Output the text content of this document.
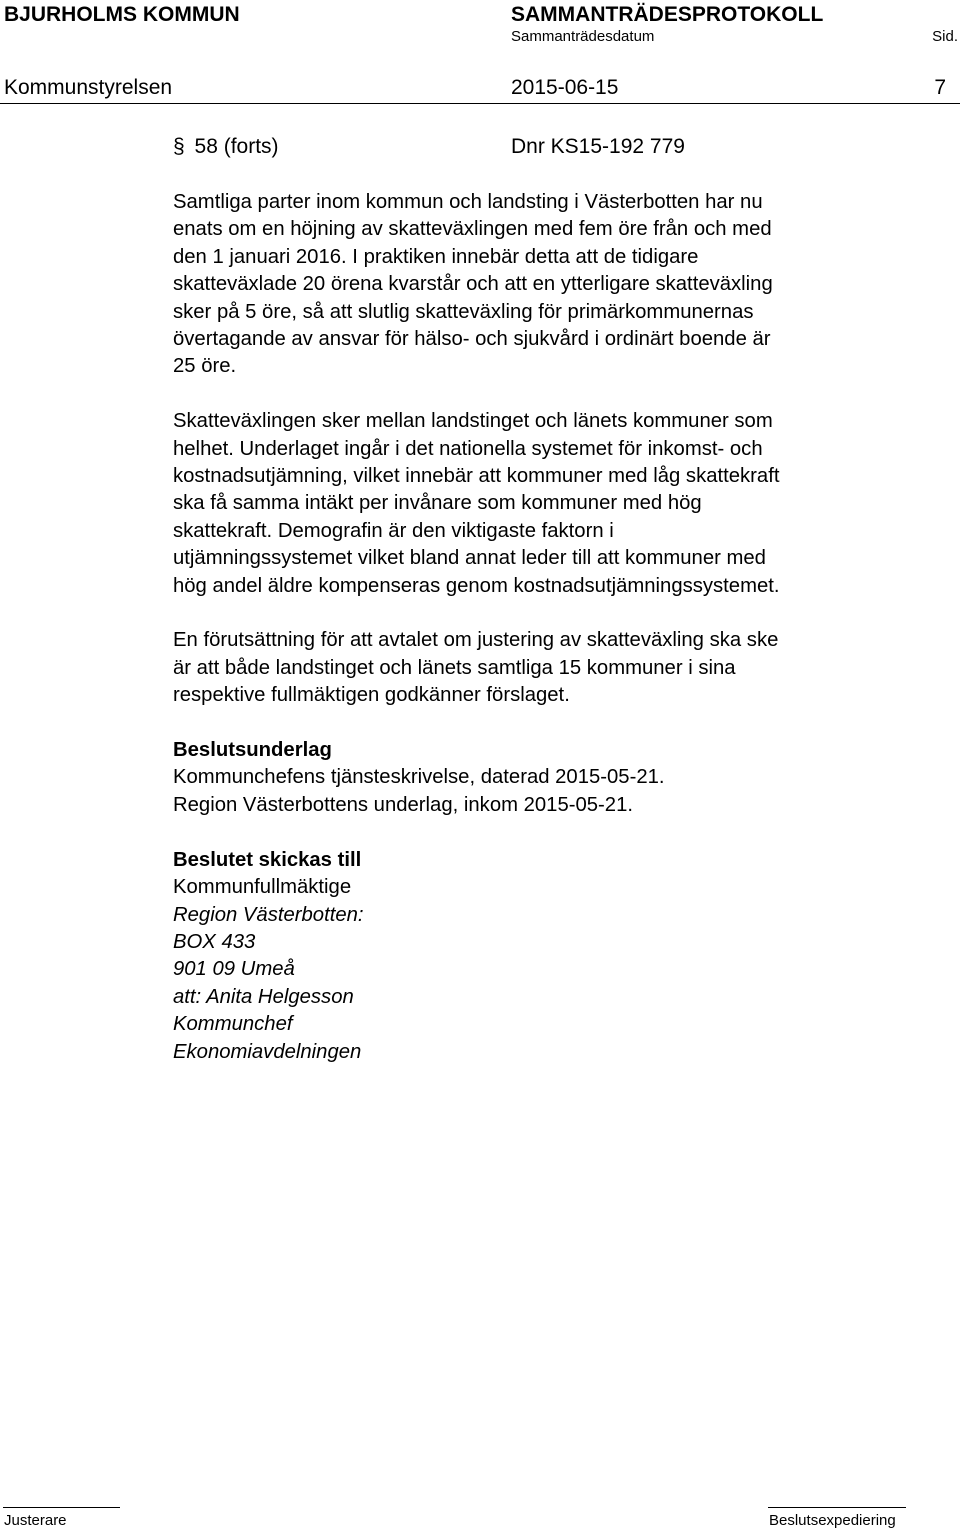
BJURHOLMS KOMMUN	SAMMANTRÄDESPROTOKOLL
Sammanträdesdatum	Sid.
Kommunstyrelsen	2015-06-15	7
§ 58 (forts)	Dnr KS15-192 779
Samtliga parter inom kommun och landsting i Västerbotten har nu
enats om en höjning av skatteväxlingen med fem öre från och med
den 1 januari 2016. I praktiken innebär detta att de tidigare
skatteväxlade 20 örena kvarstår och att en ytterligare skatteväxling
sker på 5 öre, så att slutlig skatteväxling för primärkommunernas
övertagande av ansvar för hälso- och sjukvård i ordinärt boende är
25 öre.
Skatteväxlingen sker mellan landstinget och länets kommuner som
helhet. Underlaget ingår i det nationella systemet för inkomst- och
kostnadsutjämning, vilket innebär att kommuner med låg skattekraft
ska få samma intäkt per invånare som kommuner med hög
skattekraft. Demografin är den viktigaste faktorn i
utjämningssystemet vilket bland annat leder till att kommuner med
hög andel äldre kompenseras genom kostnadsutjämningssystemet.
En förutsättning för att avtalet om justering av skatteväxling ska ske
är att både landstinget och länets samtliga 15 kommuner i sina
respektive fullmäktigen godkänner förslaget.
Beslutsunderlag
Kommunchefens tjänsteskrivelse, daterad 2015-05-21.
Region Västerbottens underlag, inkom 2015-05-21.
Beslutet skickas till
Kommunfullmäktige
Region Västerbotten:
BOX 433
901 09 Umeå
att: Anita Helgesson
Kommunchef
Ekonomiavdelningen
Justerare	Beslutsexpediering
